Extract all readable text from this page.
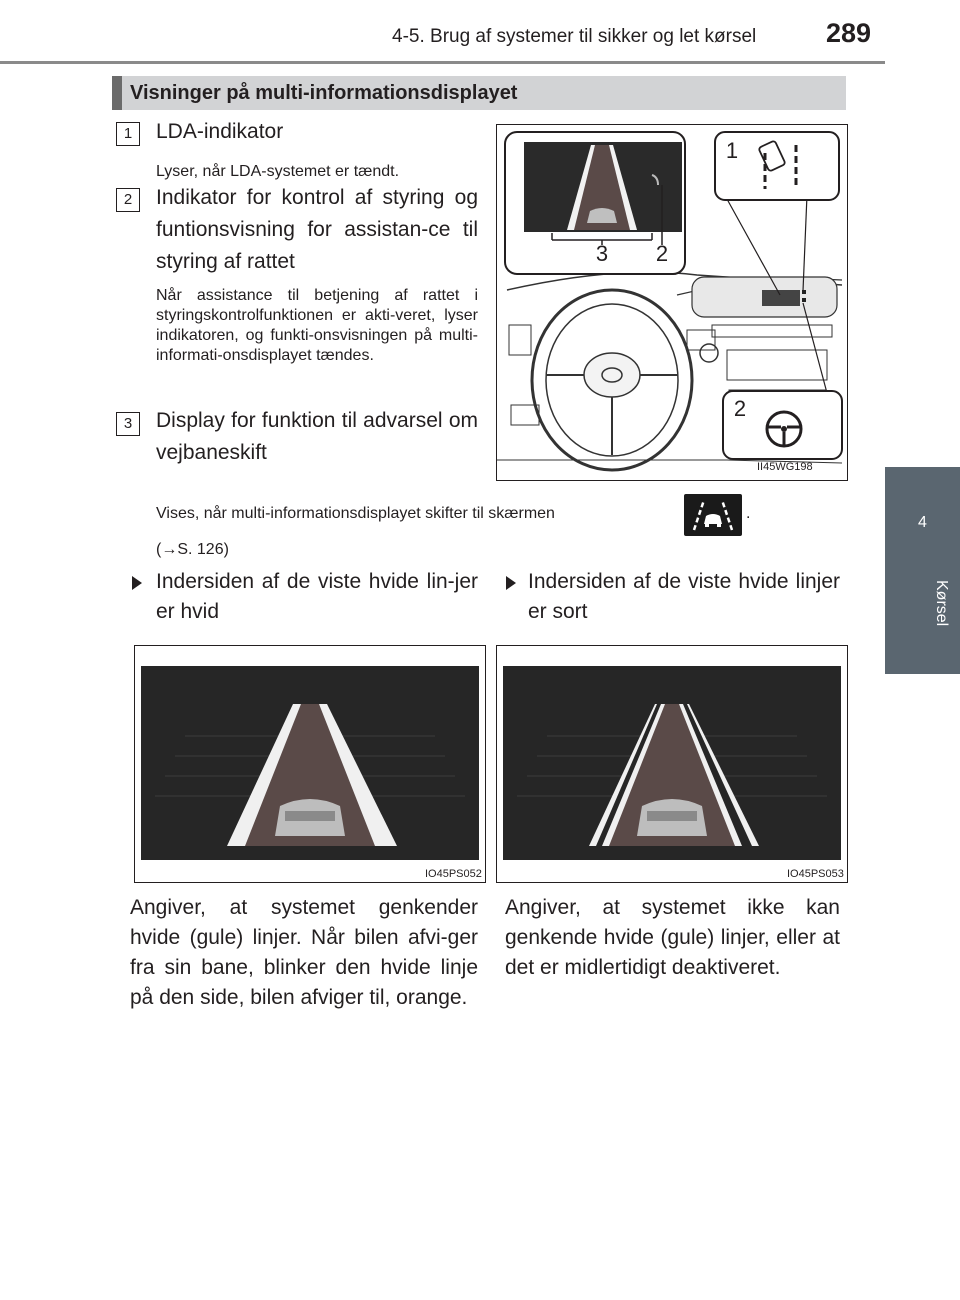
4-5. Brug af systemer til sikker og let kørsel	289
4
Kørsel
Visninger på multi-informationsdisplayet
1	LDA-indikator
Lyser, når LDA-systemet er tændt.
2	Indikator for kontrol af styring og funtionsvisning for assistan-ce til styring af rattet
Når assistance til betjening af rattet i styringskontrolfunktionen er akti-veret, lyser indikatoren, og funkti-onsvisningen på multi-informati-onsdisplayet tændes.
3	Display for funktion til advarsel om vejbaneskift
Vises, når multi-informationsdisplayet skifter til skærmen	.
(→S. 126)
1
3 2
2
II45WG198
Indersiden af de viste hvide lin-jer er hvid
Indersiden af de viste hvide linjer er sort
IO45PS052	IO45PS053
Angiver, at systemet genkender hvide (gule) linjer. Når bilen afvi-ger fra sin bane, blinker den hvide linje på den side, bilen afviger til, orange.
Angiver, at systemet ikke kan genkende hvide (gule) linjer, eller at det er midlertidigt deaktiveret.
